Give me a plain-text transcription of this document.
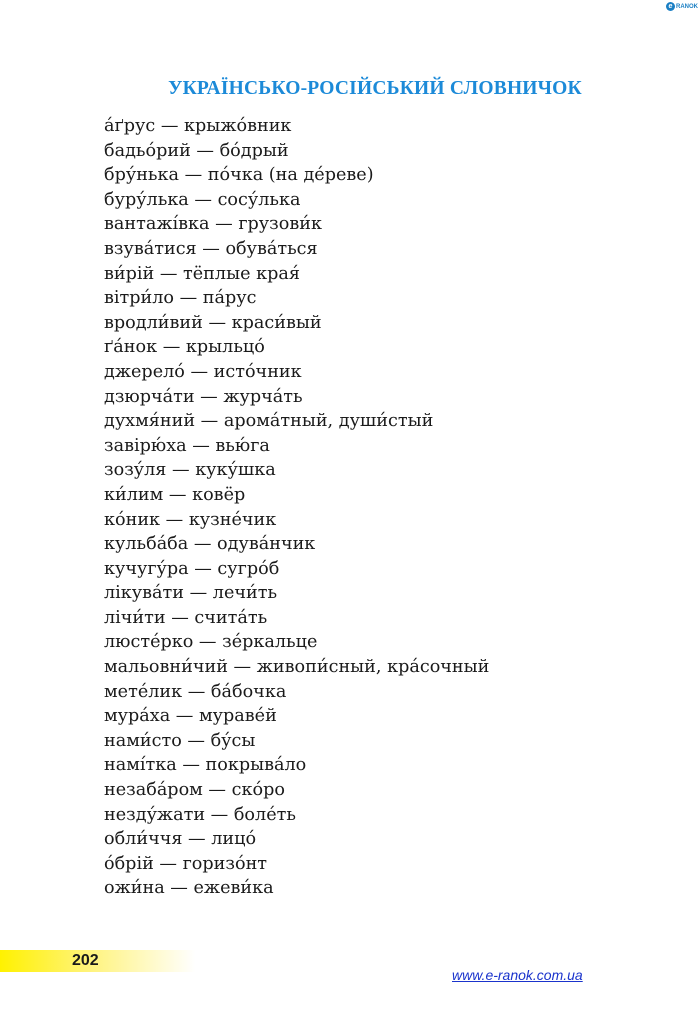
e RANOK
УКРАЇНСЬКО-РОСІЙСЬКИЙ СЛОВНИЧОК
а́ґрус — крыжо́вник
бадьо́рий — бо́дрый
бру́нька — по́чка (на де́реве)
буру́лька — сосу́лька
вантажі́вка — грузови́к
взува́тися — обува́ться
ви́рій — тёплые края́
вітри́ло — па́рус
вродли́вий — краси́вый
ґа́нок — крыльцо́
джерело́ — исто́чник
дзюрча́ти — журча́ть
духмя́ний — арома́тный, души́стый
завірю́ха — вью́га
зозу́ля — куку́шка
ки́лим — ковёр
ко́ник — кузне́чик
кульба́ба — одува́нчик
кучугу́ра — сугро́б
лікува́ти — лечи́ть
лічи́ти — счита́ть
люсте́рко — зе́ркальце
мальовни́чий — живопи́сный, кра́сочный
мете́лик — ба́бочка
мура́ха — мураве́й
нами́сто — бу́сы
намі́тка — покрыва́ло
незаба́ром — ско́ро
незду́жати — боле́ть
обли́ччя — лицо́
о́брій — горизо́нт
ожи́на — ежеви́ка
202
www.e-ranok.com.ua
